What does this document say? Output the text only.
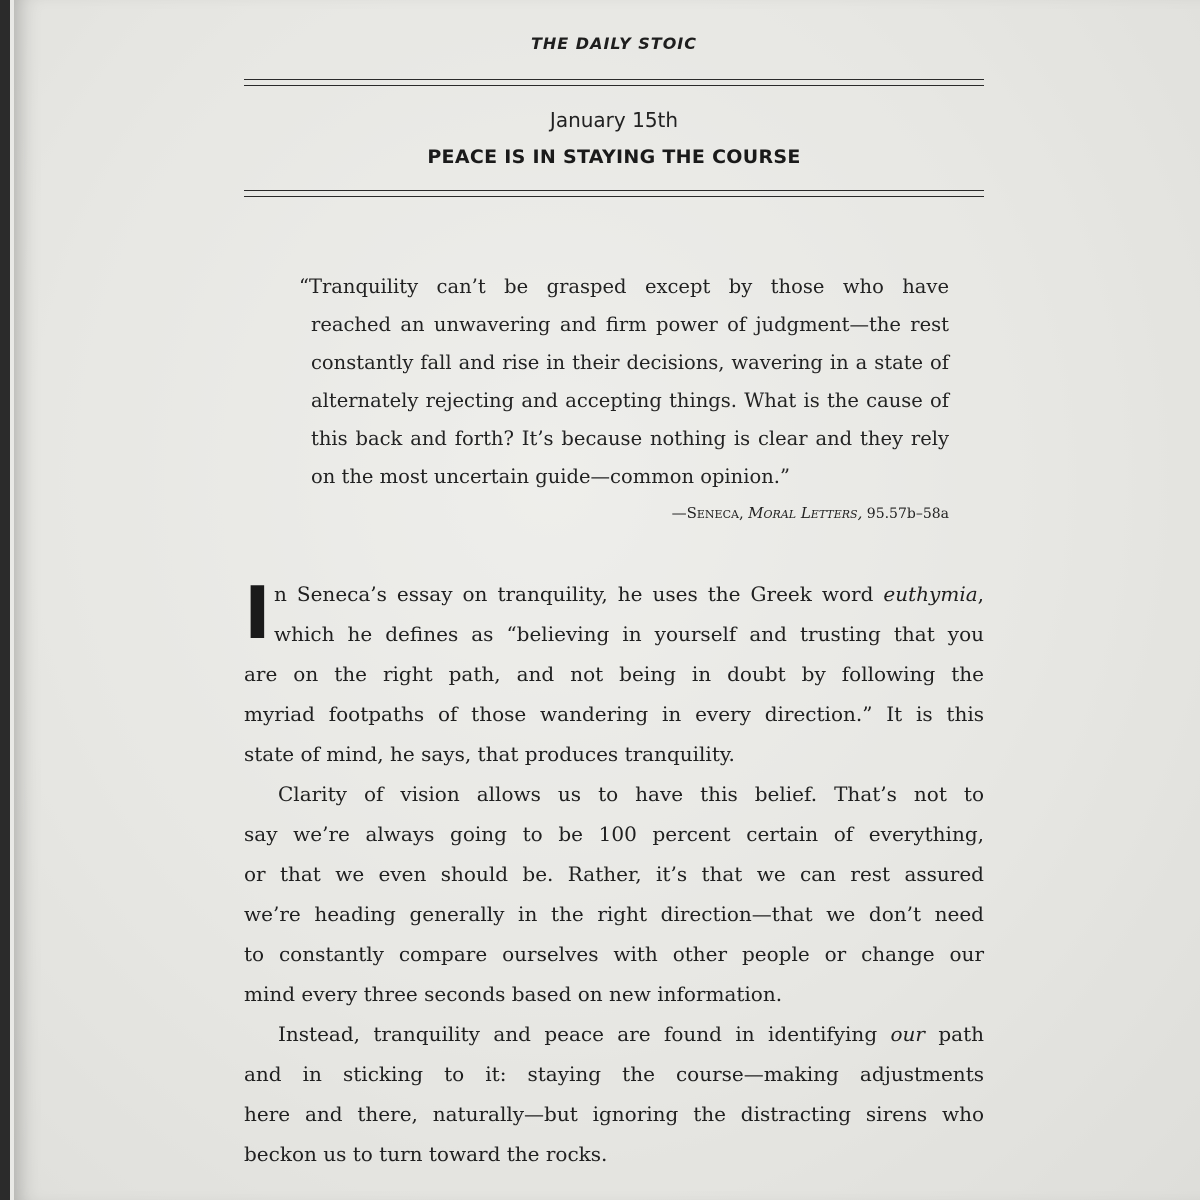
THE DAILY STOIC
January 15th
PEACE IS IN STAYING THE COURSE
“Tranquility can’t be grasped except by those who have
reached an unwavering and firm power of judgment—the rest
constantly fall and rise in their decisions, wavering in a state of
alternately rejecting and accepting things. What is the cause of
this back and forth? It’s because nothing is clear and they rely
on the most uncertain guide—common opinion.”
—Seneca, Moral Letters, 95.57b–58a
I n Seneca’s essay on tranquility, he uses the Greek word euthymia,
which he defines as “believing in yourself and trusting that you
are on the right path, and not being in doubt by following the
myriad footpaths of those wandering in every direction.” It is this
state of mind, he says, that produces tranquility.
Clarity of vision allows us to have this belief. That’s not to
say we’re always going to be 100 percent certain of everything,
or that we even should be. Rather, it’s that we can rest assured
we’re heading generally in the right direction—that we don’t need
to constantly compare ourselves with other people or change our
mind every three seconds based on new information.
Instead, tranquility and peace are found in identifying our path
and in sticking to it: staying the course—making adjustments
here and there, naturally—but ignoring the distracting sirens who
beckon us to turn toward the rocks.
